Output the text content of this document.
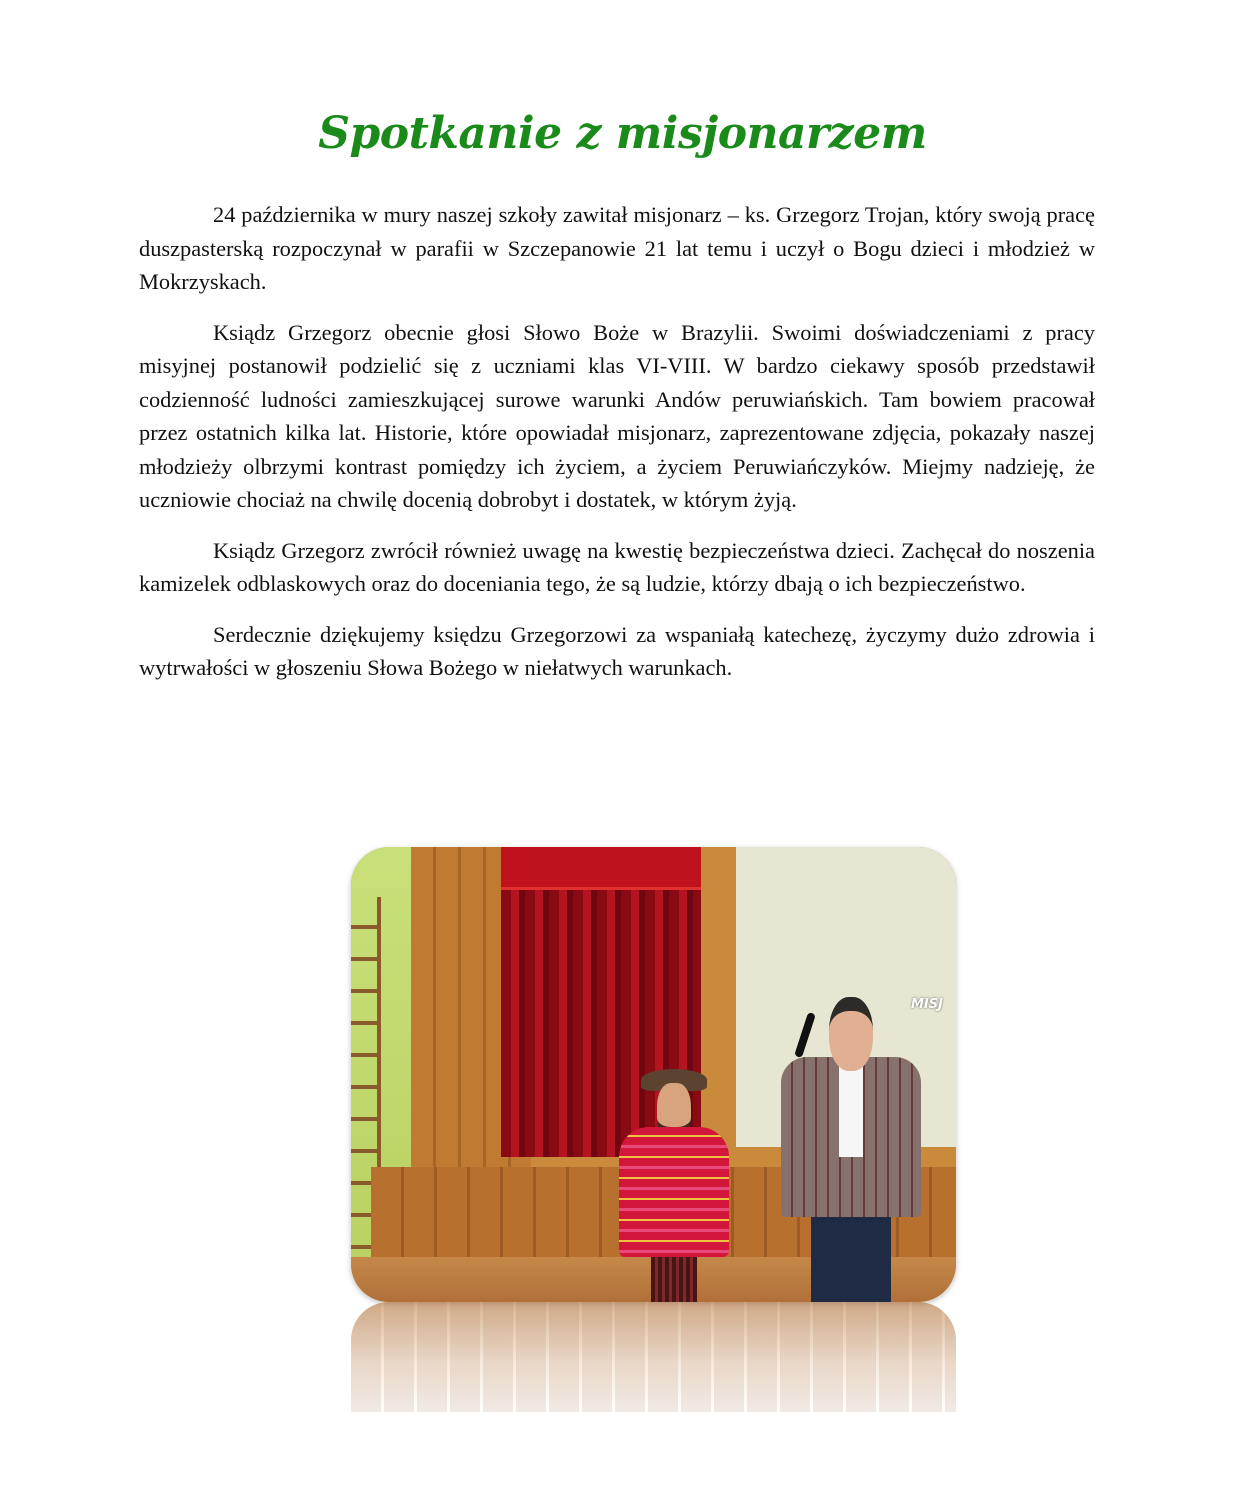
Spotkanie z misjonarzem

24 października w mury naszej szkoły zawitał misjonarz – ks. Grzegorz Trojan, który swoją pracę duszpasterską rozpoczynał w parafii w Szczepanowie 21 lat temu i uczył o Bogu dzieci i młodzież w Mokrzyskach.

Ksiądz Grzegorz obecnie głosi Słowo Boże w Brazylii. Swoimi doświadczeniami z pracy misyjnej postanowił podzielić się z uczniami klas VI-VIII. W bardzo ciekawy sposób przedstawił codzienność ludności zamieszkującej surowe warunki Andów peruwiańskich. Tam bowiem pracował przez ostatnich kilka lat. Historie, które opowiadał misjonarz, zaprezentowane zdjęcia, pokazały naszej młodzieży olbrzymi kontrast pomiędzy ich życiem, a życiem Peruwiańczyków. Miejmy nadzieję, że uczniowie chociaż na chwilę docenią dobrobyt i dostatek, w którym żyją.

Ksiądz Grzegorz zwrócił również uwagę na kwestię bezpieczeństwa dzieci. Zachęcał do noszenia kamizelek odblaskowych oraz do doceniania tego, że są ludzie, którzy dbają o ich bezpieczeństwo.

Serdecznie dziękujemy księdzu Grzegorzowi za wspaniałą katechezę, życzymy dużo zdrowia i wytrwałości w głoszeniu Słowa Bożego w niełatwych warunkach.

MISJ
